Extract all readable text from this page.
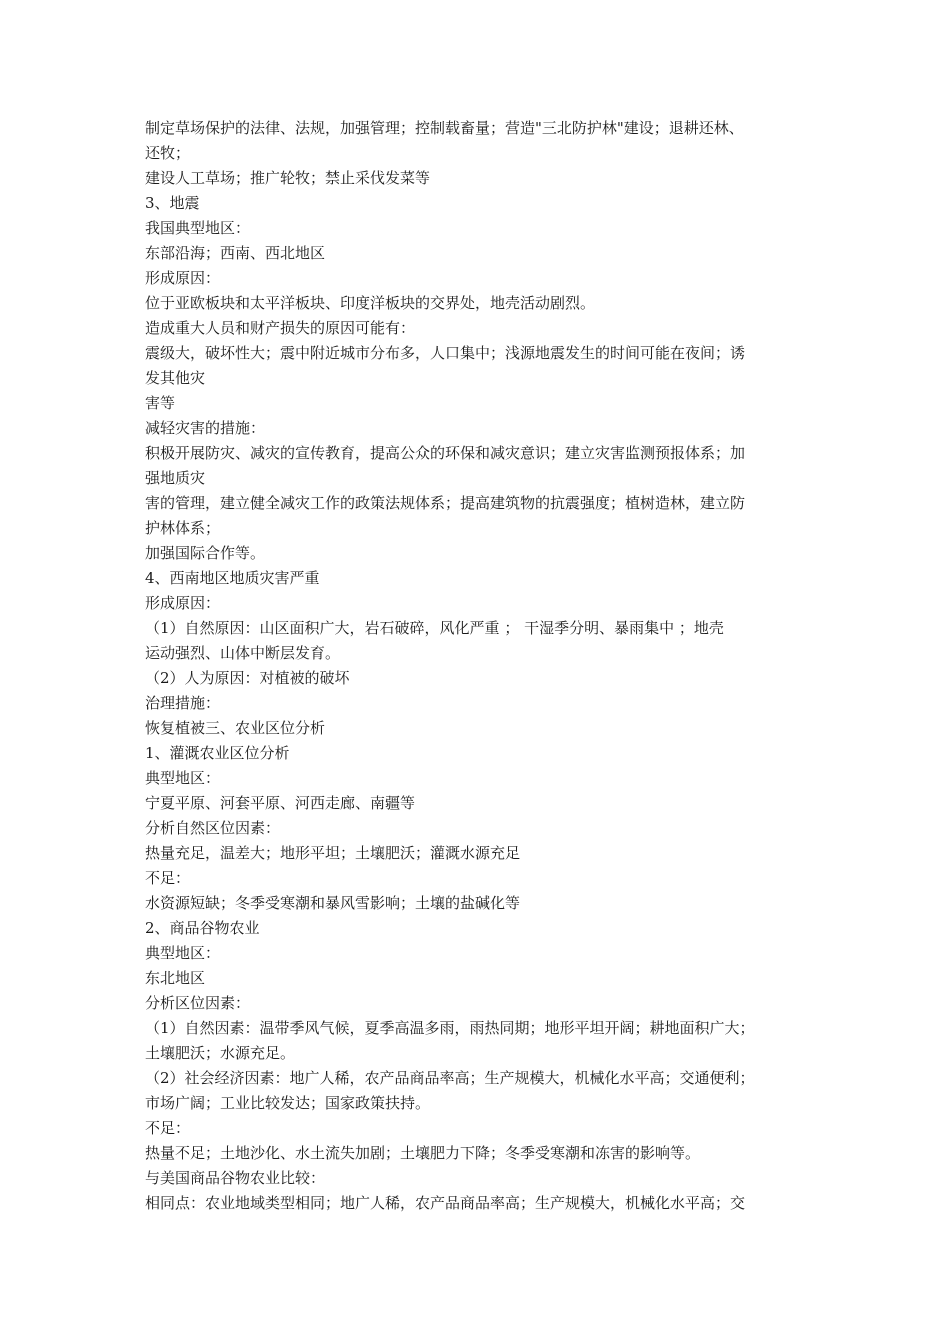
制定草场保护的法律、法规，加强管理；控制载畜量；营造"三北防护林"建设；退耕还林、
还牧；
建设人工草场；推广轮牧；禁止采伐发菜等
3、地震
我国典型地区：
东部沿海；西南、西北地区
形成原因：
位于亚欧板块和太平洋板块、印度洋板块的交界处，地壳活动剧烈。
造成重大人员和财产损失的原因可能有：
震级大，破坏性大；震中附近城市分布多，人口集中；浅源地震发生的时间可能在夜间；诱
发其他灾
害等
减轻灾害的措施：
积极开展防灾、减灾的宣传教育，提高公众的环保和减灾意识；建立灾害监测预报体系；加
强地质灾
害的管理，建立健全减灾工作的政策法规体系；提高建筑物的抗震强度；植树造林，建立防
护林体系；
加强国际合作等。
4、西南地区地质灾害严重
形成原因：
（1）自然原因：山区面积广大，岩石破碎，风化严重 ； 干湿季分明、暴雨集中 ；地壳
运动强烈、山体中断层发育。
（2）人为原因：对植被的破坏
治理措施：
恢复植被三、农业区位分析
1、灌溉农业区位分析
典型地区：
宁夏平原、河套平原、河西走廊、南疆等
分析自然区位因素：
热量充足，温差大；地形平坦；土壤肥沃；灌溉水源充足
不足：
水资源短缺；冬季受寒潮和暴风雪影响；土壤的盐碱化等
2、商品谷物农业
典型地区：
东北地区
分析区位因素：
（1）自然因素：温带季风气候，夏季高温多雨，雨热同期；地形平坦开阔；耕地面积广大；
土壤肥沃；水源充足。
（2）社会经济因素：地广人稀，农产品商品率高；生产规模大，机械化水平高；交通便利；
市场广阔；工业比较发达；国家政策扶持。
不足：
热量不足；土地沙化、水土流失加剧；土壤肥力下降；冬季受寒潮和冻害的影响等。
与美国商品谷物农业比较：
相同点：农业地域类型相同；地广人稀，农产品商品率高；生产规模大，机械化水平高；交
